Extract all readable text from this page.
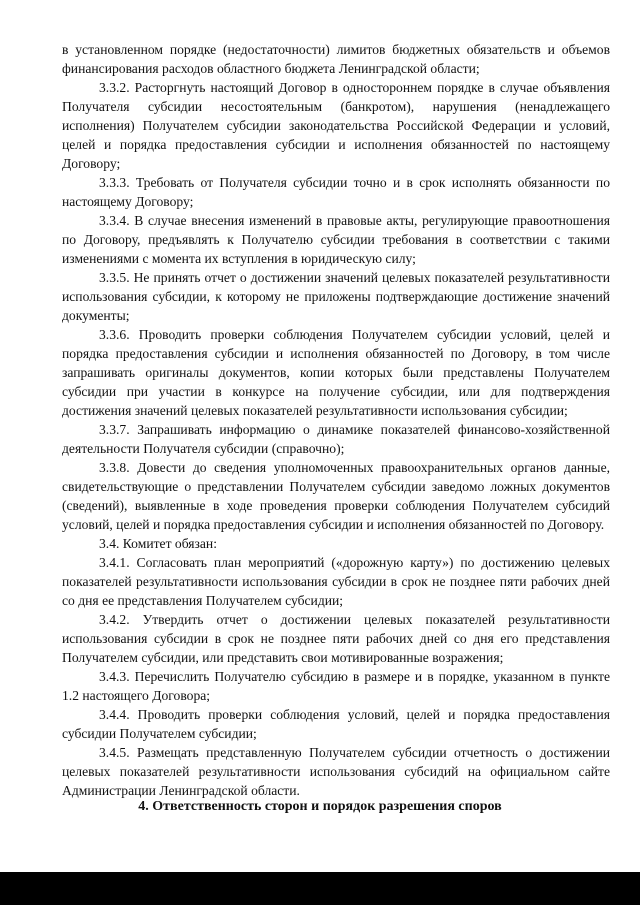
в установленном порядке (недостаточности) лимитов бюджетных обязательств и объемов финансирования расходов областного бюджета Ленинградской области;

3.3.2. Расторгнуть настоящий Договор в одностороннем порядке в случае объявления Получателя субсидии несостоятельным (банкротом), нарушения (ненадлежащего исполнения) Получателем субсидии законодательства Российской Федерации и условий, целей и порядка предоставления субсидии и исполнения обязанностей по настоящему Договору;

3.3.3. Требовать от Получателя субсидии точно и в срок исполнять обязанности по настоящему Договору;

3.3.4. В случае внесения изменений в правовые акты, регулирующие правоотношения по Договору, предъявлять к Получателю субсидии требования в соответствии с такими изменениями с момента их вступления в юридическую силу;

3.3.5. Не принять отчет о достижении значений целевых показателей результативности использования субсидии, к которому не приложены подтверждающие достижение значений документы;

3.3.6. Проводить проверки соблюдения Получателем субсидии условий, целей и порядка предоставления субсидии и исполнения обязанностей по Договору, в том числе запрашивать оригиналы документов, копии которых были представлены Получателем субсидии при участии в конкурсе на получение субсидии, или для подтверждения достижения значений целевых показателей результативности использования субсидии;

3.3.7. Запрашивать информацию о динамике показателей финансово-хозяйственной деятельности Получателя субсидии (справочно);

3.3.8. Довести до сведения уполномоченных правоохранительных органов данные, свидетельствующие о представлении Получателем субсидии заведомо ложных документов (сведений), выявленные в ходе проведения проверки соблюдения Получателем субсидий условий, целей и порядка предоставления субсидии и исполнения обязанностей по Договору.

3.4. Комитет обязан:

3.4.1. Согласовать план мероприятий («дорожную карту») по достижению целевых показателей результативности использования субсидии в срок не позднее пяти рабочих дней со дня ее представления Получателем субсидии;

3.4.2. Утвердить отчет о достижении целевых показателей результативности использования субсидии в срок не позднее пяти рабочих дней со дня его представления Получателем субсидии, или представить свои мотивированные возражения;

3.4.3. Перечислить Получателю субсидию в размере и в порядке, указанном в пункте 1.2 настоящего Договора;

3.4.4. Проводить проверки соблюдения условий, целей и порядка предоставления субсидии Получателем субсидии;

3.4.5. Размещать представленную Получателем субсидии отчетность о достижении целевых показателей результативности использования субсидий на официальном сайте Администрации Ленинградской области.

4. Ответственность сторон и порядок разрешения споров
